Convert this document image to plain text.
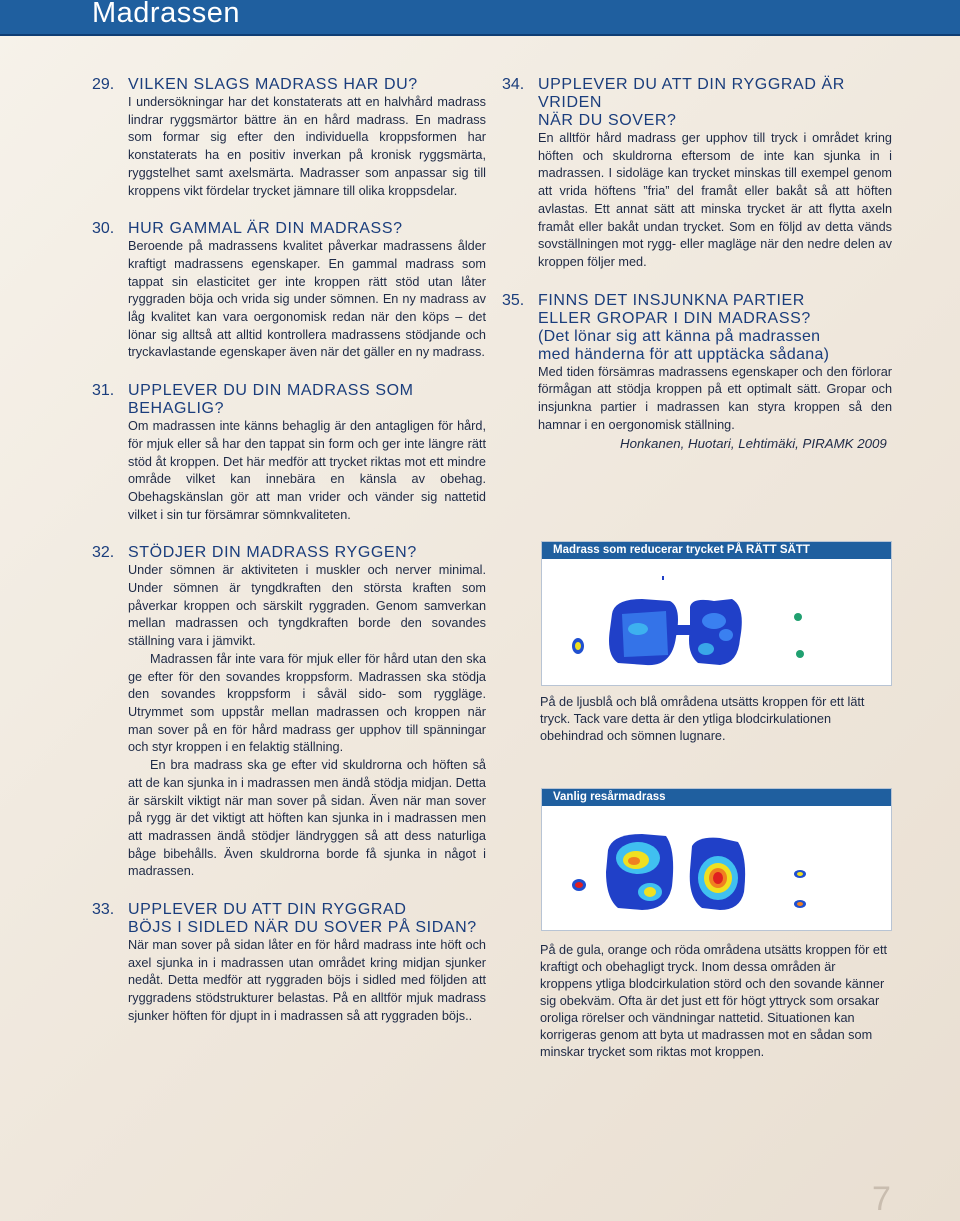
Madrassen
29. VILKEN SLAGS MADRASS HAR DU?

I undersökningar har det konstaterats att en halvhård madrass lindrar ryggsmärtor bättre än en hård madrass. En madrass som formar sig efter den individuella kroppsformen har konstaterats ha en positiv inverkan på kronisk ryggsmärta, ryggstelhet samt axelsmärta. Madrasser som anpassar sig till kroppens vikt fördelar trycket jämnare till olika kroppsdelar.

30. HUR GAMMAL ÄR DIN MADRASS?

Beroende på madrassens kvalitet påverkar madrassens ålder kraftigt madrassens egenskaper. En gammal madrass som tappat sin elasticitet ger inte kroppen rätt stöd utan låter ryggraden böja och vrida sig under sömnen. En ny madrass av låg kvalitet kan vara oergonomisk redan när den köps – det lönar sig alltså att alltid kontrollera madrassens stödjande och tryckavlastande egenskaper även när det gäller en ny madrass.

31. UPPLEVER DU DIN MADRASS SOM BEHAGLIG?

Om madrassen inte känns behaglig är den antagligen för hård, för mjuk eller så har den tappat sin form och ger inte längre rätt stöd åt kroppen. Det här medför att trycket riktas mot ett mindre område vilket kan innebära en känsla av obehag. Obehagskänslan gör att man vrider och vänder sig nattetid vilket i sin tur försämrar sömnkvaliteten.

32. STÖDJER DIN MADRASS RYGGEN?

Under sömnen är aktiviteten i muskler och nerver minimal. Under sömnen är tyngdkraften den största kraften som påverkar kroppen och särskilt ryggraden. Genom samverkan mellan madrassen och tyngdkraften borde den sovandes ställning vara i jämvikt.

Madrassen får inte vara för mjuk eller för hård utan den ska ge efter för den sovandes kroppsform. Madrassen ska stödja den sovandes kroppsform i såväl sido- som ryggläge. Utrymmet som uppstår mellan madrassen och kroppen när man sover på en för hård madrass ger upphov till spänningar och styr kroppen i en felaktig ställning.

En bra madrass ska ge efter vid skuldrorna och höften så att de kan sjunka in i madrassen men ändå stödja midjan. Detta är särskilt viktigt när man sover på sidan. Även när man sover på rygg är det viktigt att höften kan sjunka in i madrassen men att madrassen ändå stödjer ländryggen så att dess naturliga båge bibehålls. Även skuldrorna borde få sjunka in något i madrassen.

33. UPPLEVER DU ATT DIN RYGGRAD
BÖJS I SIDLED NÄR DU SOVER PÅ SIDAN?

När man sover på sidan låter en för hård madrass inte höft och axel sjunka in i madrassen utan området kring midjan sjunker nedåt. Detta medför att ryggraden böjs i sidled med följden att ryggradens stödstrukturer belastas. På en alltför mjuk madrass sjunker höften för djupt in i madrassen så att ryggraden böjs..

34. UPPLEVER DU ATT DIN RYGGRAD ÄR VRIDEN
NÄR DU SOVER?

En alltför hård madrass ger upphov till tryck i området kring höften och skuldrorna eftersom de inte kan sjunka in i madrassen. I sidoläge kan trycket minskas till exempel genom att vrida höftens ”fria” del framåt eller bakåt så att höften avlastas. Ett annat sätt att minska trycket är att flytta axeln framåt eller bakåt undan trycket. Som en följd av detta vänds sovställningen mot rygg- eller magläge när den nedre delen av kroppen följer med.

35. FINNS DET INSJUNKNA PARTIER
ELLER GROPAR I DIN MADRASS?
(Det lönar sig att känna på madrassen
med händerna för att upptäcka sådana)

Med tiden försämras madrassens egenskaper och den förlorar förmågan att stödja kroppen på ett optimalt sätt. Gropar och insjunkna partier i madrassen kan styra kroppen så den hamnar i en oergonomisk ställning.

Honkanen, Huotari, Lehtimäki, PIRAMK 2009
Madrass som reducerar trycket PÅ RÄTT SÄTT

På de ljusblå och blå områdena utsätts kroppen för ett lätt tryck. Tack vare detta är den ytliga blodcirkulationen obehindrad och sömnen lugnare.

Vanlig resårmadrass

På de gula, orange och röda områdena utsätts kroppen för ett kraftigt och obehagligt tryck. Inom dessa områden är kroppens ytliga blodcirkulation störd och den sovande känner sig obekväm. Ofta är det just ett för högt yttryck som orsakar oroliga rörelser och vändningar nattetid. Situationen kan korrigeras genom att byta ut madrassen mot en sådan som minskar trycket som riktas mot kroppen.

7
